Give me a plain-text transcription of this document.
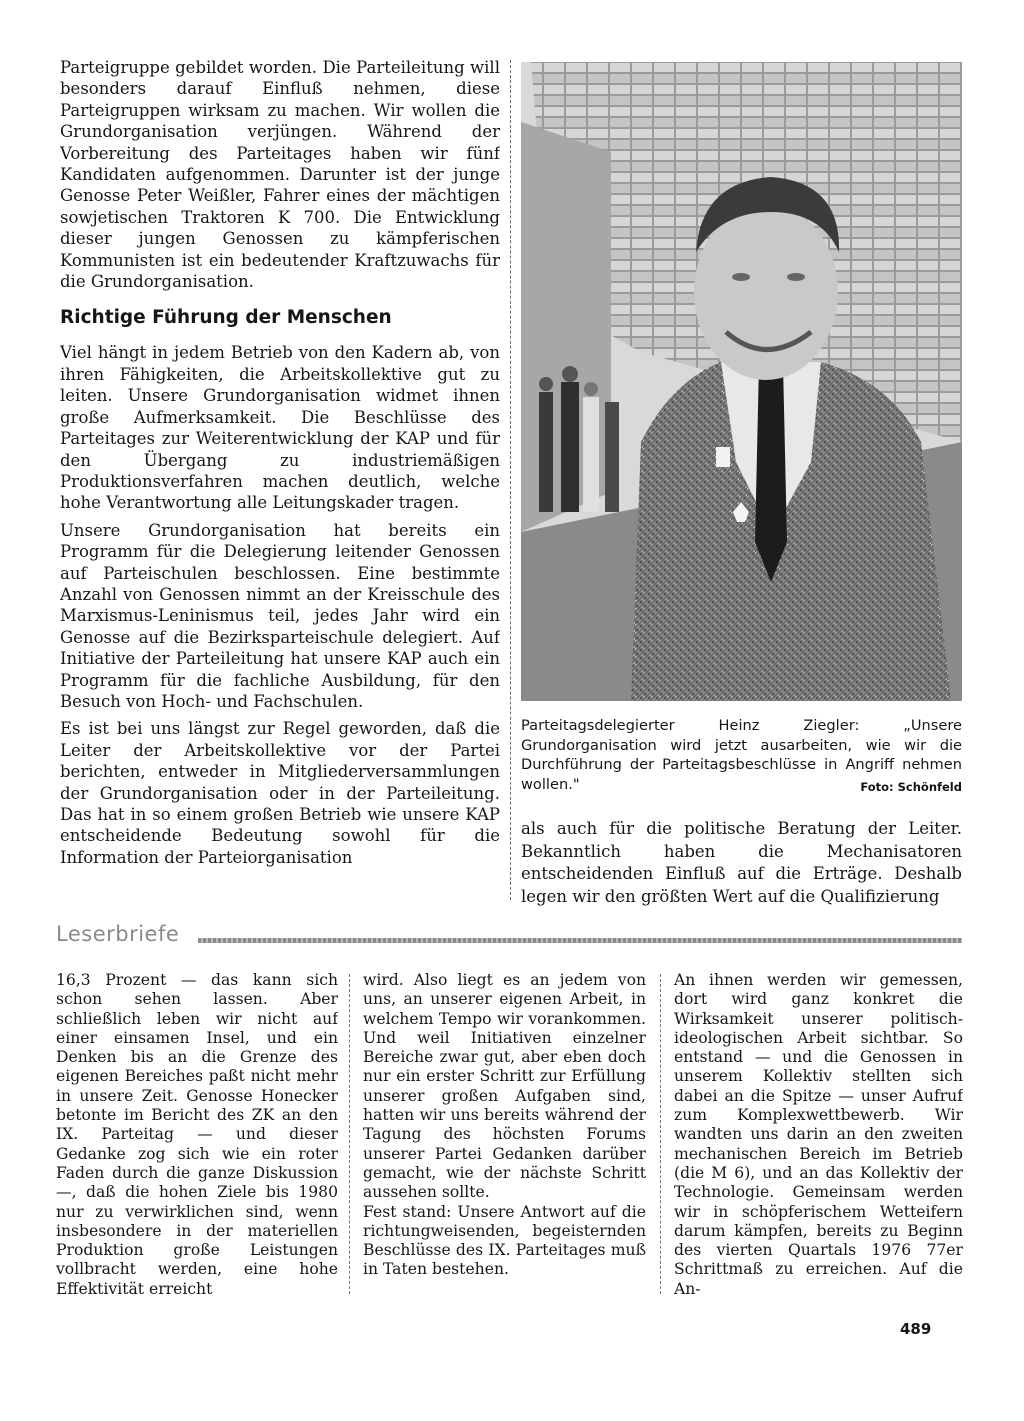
Parteigruppe gebildet worden. Die Parteileitung will besonders darauf Einfluß nehmen, diese Parteigruppen wirksam zu machen. Wir wollen die Grundorganisation verjüngen. Während der Vorbereitung des Parteitages haben wir fünf Kandidaten aufgenommen. Darunter ist der junge Genosse Peter Weißler, Fahrer eines der mächtigen sowjetischen Traktoren K 700. Die Entwicklung dieser jungen Genossen zu kämpferischen Kommunisten ist ein bedeutender Kraftzuwachs für die Grundorganisation.

Richtige Führung der Menschen

Viel hängt in jedem Betrieb von den Kadern ab, von ihren Fähigkeiten, die Arbeitskollektive gut zu leiten. Unsere Grundorganisation widmet ihnen große Aufmerksamkeit. Die Beschlüsse des Parteitages zur Weiterentwicklung der KAP und für den Übergang zu industriemäßigen Produktionsverfahren machen deutlich, welche hohe Verantwortung alle Leitungskader tragen.

Unsere Grundorganisation hat bereits ein Programm für die Delegierung leitender Genossen auf Parteischulen beschlossen. Eine bestimmte Anzahl von Genossen nimmt an der Kreisschule des Marxismus-Leninismus teil, jedes Jahr wird ein Genosse auf die Bezirksparteischule delegiert. Auf Initiative der Parteileitung hat unsere KAP auch ein Programm für die fachliche Ausbildung, für den Besuch von Hoch- und Fachschulen.

Es ist bei uns längst zur Regel geworden, daß die Leiter der Arbeitskollektive vor der Partei berichten, entweder in Mitgliederversammlungen der Grundorganisation oder in der Parteileitung. Das hat in so einem großen Betrieb wie unsere KAP entscheidende Bedeutung sowohl für die Information der Parteiorganisation

Parteitagsdelegierter Heinz Ziegler: „Unsere Grundorganisation wird jetzt ausarbeiten, wie wir die Durchführung der Parteitagsbeschlüsse in Angriff nehmen wollen."	Foto: Schönfeld

als auch für die politische Beratung der Leiter. Bekanntlich haben die Mechanisatoren entscheidenden Einfluß auf die Erträge. Deshalb legen wir den größten Wert auf die Qualifizierung

Leserbriefe

16,3 Prozent — das kann sich schon sehen lassen. Aber schließlich leben wir nicht auf einer einsamen Insel, und ein Denken bis an die Grenze des eigenen Bereiches paßt nicht mehr in unsere Zeit. Genosse Honecker betonte im Bericht des ZK an den IX. Parteitag — und dieser Gedanke zog sich wie ein roter Faden durch die ganze Diskussion —, daß die hohen Ziele bis 1980 nur zu verwirklichen sind, wenn insbesondere in der materiellen Produktion große Leistungen vollbracht werden, eine hohe Effektivität erreicht

wird. Also liegt es an jedem von uns, an unserer eigenen Arbeit, in welchem Tempo wir vorankommen. Und weil Initiativen einzelner Bereiche zwar gut, aber eben doch nur ein erster Schritt zur Erfüllung unserer großen Aufgaben sind, hatten wir uns bereits während der Tagung des höchsten Forums unserer Partei Gedanken darüber gemacht, wie der nächste Schritt aussehen sollte.

Fest stand: Unsere Antwort auf die richtungweisenden, begeisternden Beschlüsse des IX. Parteitages muß in Taten bestehen.

An ihnen werden wir gemessen, dort wird ganz konkret die Wirksamkeit unserer politisch-ideologischen Arbeit sichtbar. So entstand — und die Genossen in unserem Kollektiv stellten sich dabei an die Spitze — unser Aufruf zum Komplexwettbewerb. Wir wandten uns darin an den zweiten mechanischen Bereich im Betrieb (die M 6), und an das Kollektiv der Technologie. Gemeinsam werden wir in schöpferischem Wetteifern darum kämpfen, bereits zu Beginn des vierten Quartals 1976 77er Schrittmaß zu erreichen. Auf die An-

489
